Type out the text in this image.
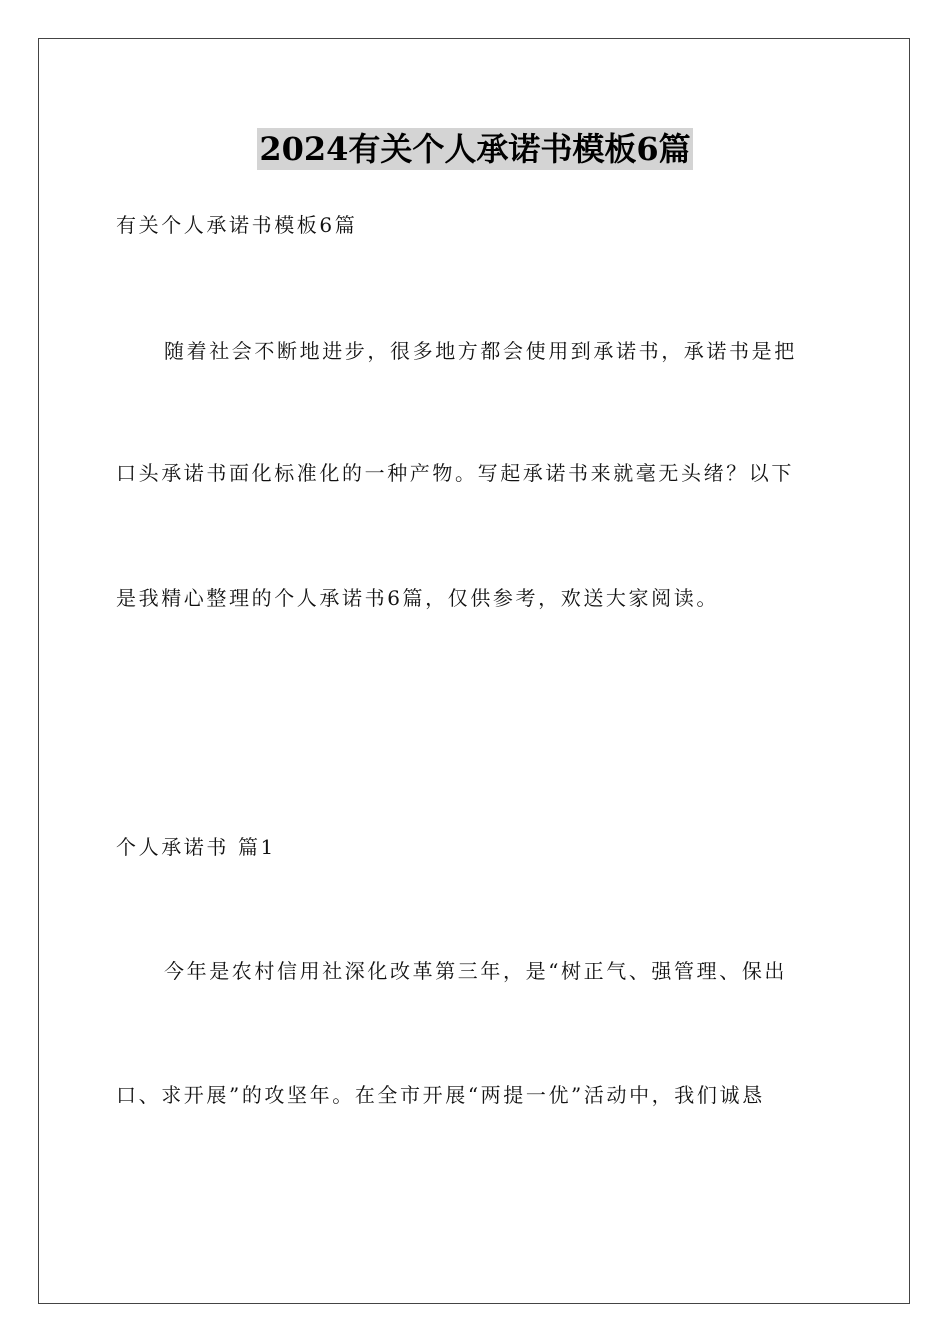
2024有关个人承诺书模板6篇
有关个人承诺书模板6篇
随着社会不断地进步，很多地方都会使用到承诺书，承诺书是把
口头承诺书面化标准化的一种产物。写起承诺书来就毫无头绪？以下
是我精心整理的个人承诺书6篇，仅供参考，欢送大家阅读。
个人承诺书 篇1
今年是农村信用社深化改革第三年，是“树正气、强管理、保出
口、求开展”的攻坚年。在全市开展“两提一优”活动中，我们诚恳
